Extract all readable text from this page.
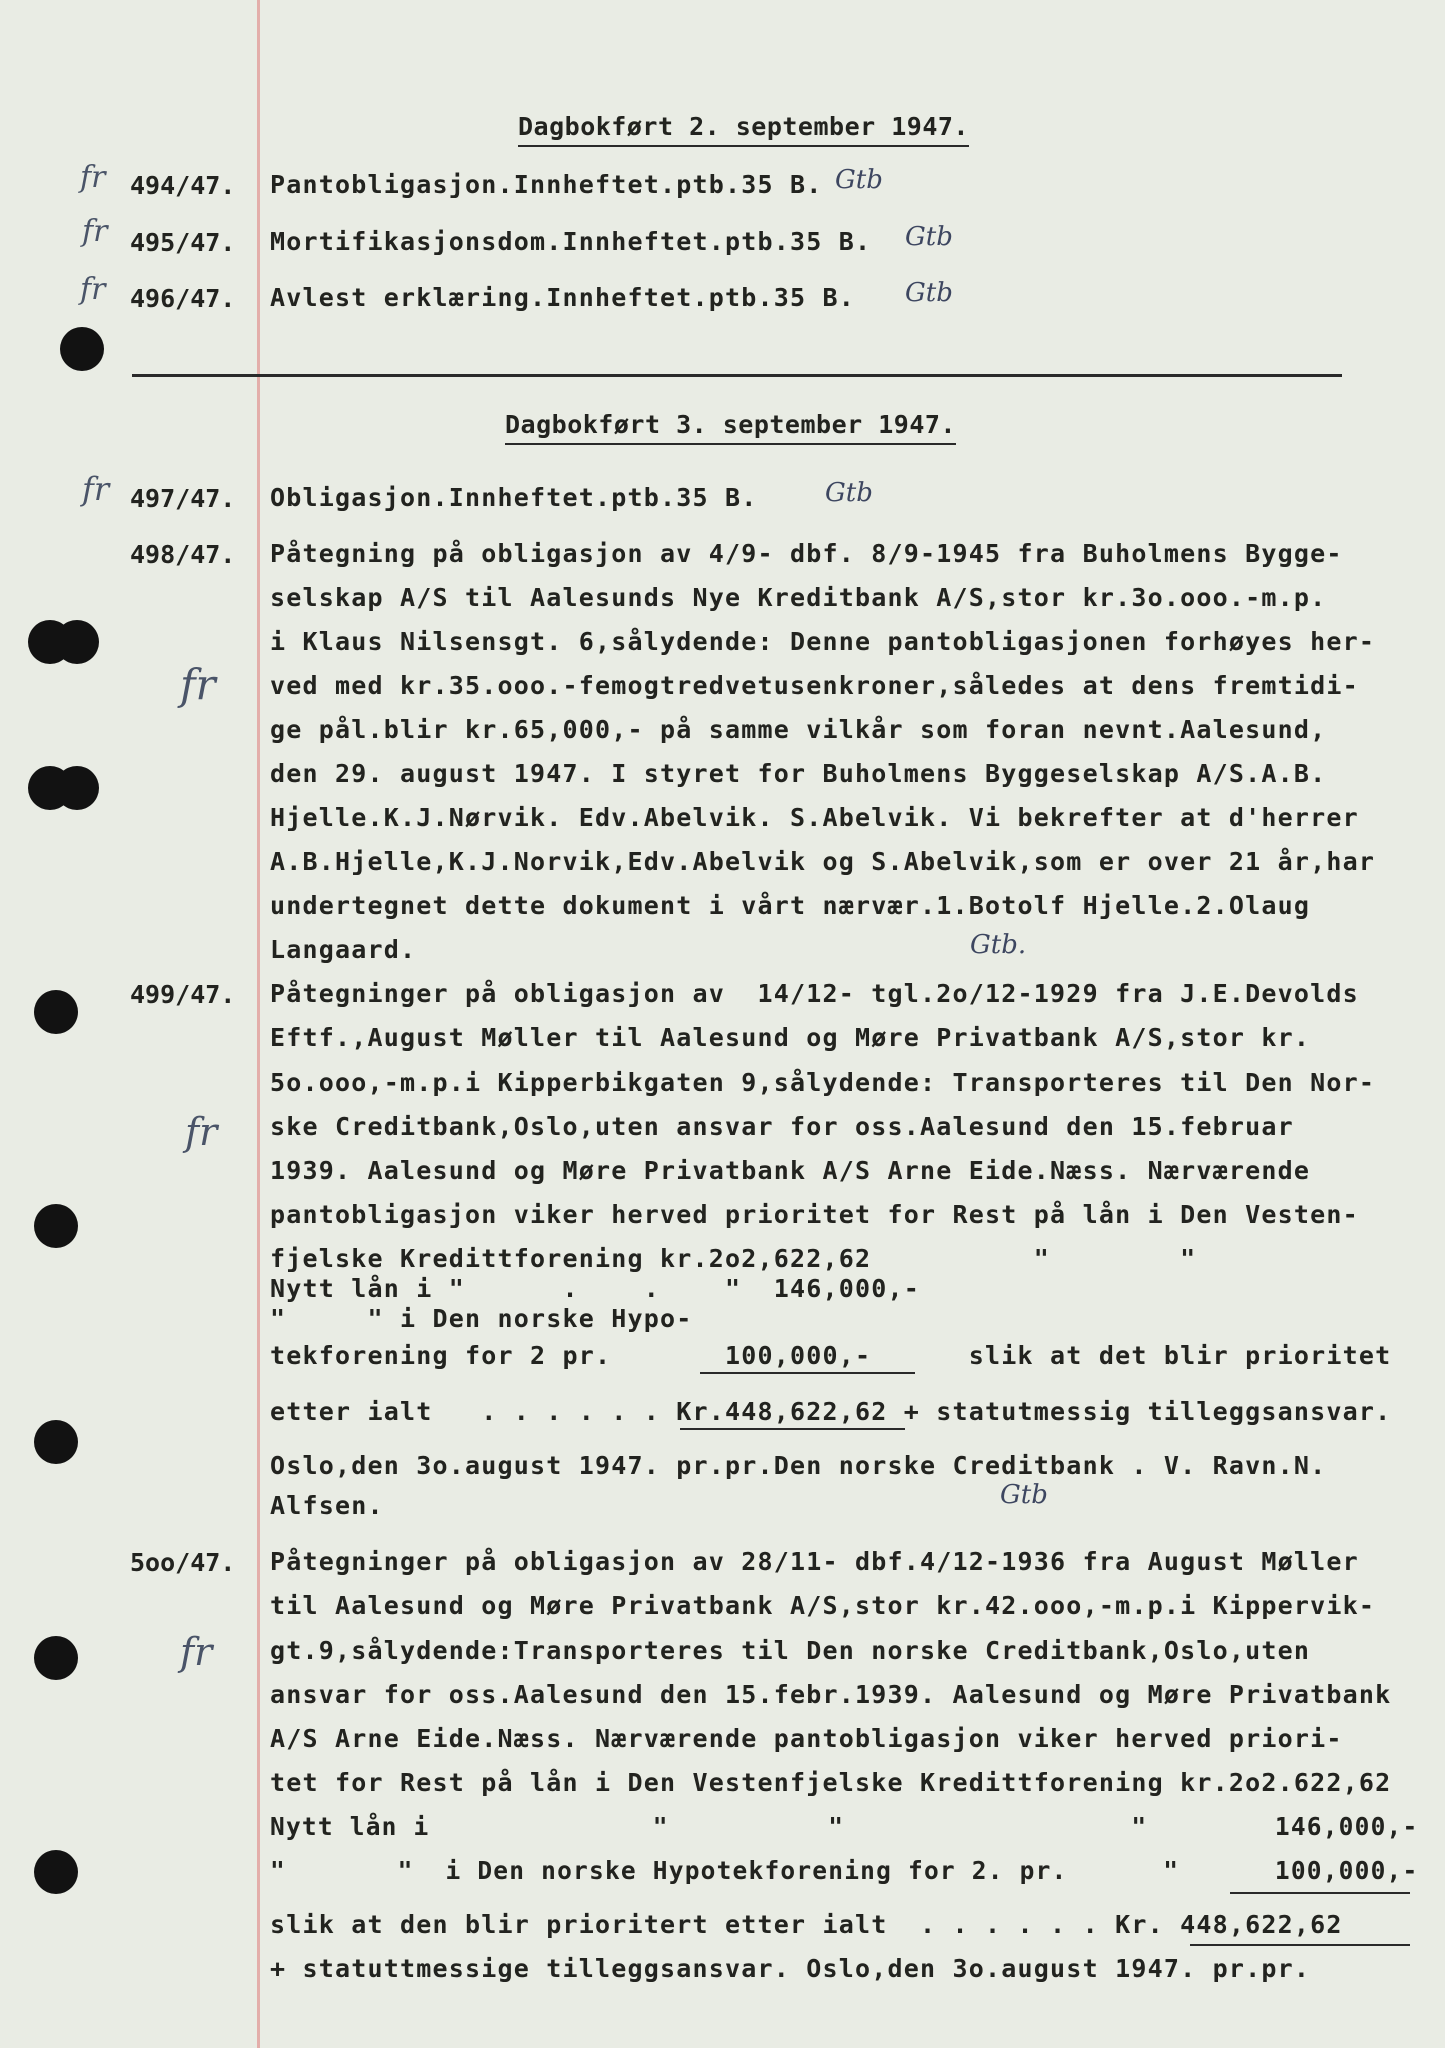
Dagbokført 2. september 1947.
fr 494/47. Pantobligasjon.Innheftet.ptb.35 B. Gtb
fr 495/47. Mortifikasjonsdom.Innheftet.ptb.35 B. Gtb
fr 496/47. Avlest erklæring.Innheftet.ptb.35 B. Gtb
Dagbokført 3. september 1947.
fr 497/47. Obligasjon.Innheftet.ptb.35 B.	Gtb
498/47.
fr
Påtegning på obligasjon av 4/9- dbf. 8/9-1945 fra Buholmens Bygge-
selskap A/S til Aalesunds Nye Kreditbank A/S,stor kr.3o.ooo.-m.p.
i Klaus Nilsensgt. 6,sålydende: Denne pantobligasjonen forhøyes her-
ved med kr.35.ooo.-femogtredvetusenkroner,således at dens fremtidi-
ge pål.blir kr.65,000,- på samme vilkår som foran nevnt.Aalesund,
den 29. august 1947. I styret for Buholmens Byggeselskap A/S.A.B.
Hjelle.K.J.Nørvik. Edv.Abelvik. S.Abelvik. Vi bekrefter at d'herrer
A.B.Hjelle,K.J.Norvik,Edv.Abelvik og S.Abelvik,som er over 21 år,har
undertegnet dette dokument i vårt nærvær.1.Botolf Hjelle.2.Olaug
Langaard.	Gtb.
499/47.
fr
Påtegninger på obligasjon av  14/12- tgl.2o/12-1929 fra J.E.Devolds
Eftf.,August Møller til Aalesund og Møre Privatbank A/S,stor kr.
5o.ooo,-m.p.i Kipperbikgaten 9,sålydende: Transporteres til Den Nor-
ske Creditbank,Oslo,uten ansvar for oss.Aalesund den 15.februar
1939. Aalesund og Møre Privatbank A/S Arne Eide.Næss. Nærværende
pantobligasjon viker herved prioritet for Rest på lån i Den Vesten-
fjelske Kredittforening kr.2o2,622,62          "        "
Nytt lån i "      .    .    "  146,000,-
"     " i Den norske Hypo-
tekforening for 2 pr.       100,000,-      slik at det blir prioritet
etter ialt   . . . . . . Kr.448,622,62 + statutmessig tilleggsansvar.
Oslo,den 3o.august 1947. pr.pr.Den norske Creditbank . V. Ravn.N.
Alfsen.	Gtb
5oo/47.
fr
Påtegninger på obligasjon av 28/11- dbf.4/12-1936 fra August Møller
til Aalesund og Møre Privatbank A/S,stor kr.42.ooo,-m.p.i Kippervik-
gt.9,sålydende:Transporteres til Den norske Creditbank,Oslo,uten
ansvar for oss.Aalesund den 15.febr.1939. Aalesund og Møre Privatbank
A/S Arne Eide.Næss. Nærværende pantobligasjon viker herved priori-
tet for Rest på lån i Den Vestenfjelske Kredittforening kr.2o2.622,62
Nytt lån i              "          "                  "        146,000,-
"       "  i Den norske Hypotekforening for 2. pr.      "      100,000,-
slik at den blir prioritert etter ialt  . . . . . . Kr. 448,622,62
+ statuttmessige tilleggsansvar. Oslo,den 3o.august 1947. pr.pr.
